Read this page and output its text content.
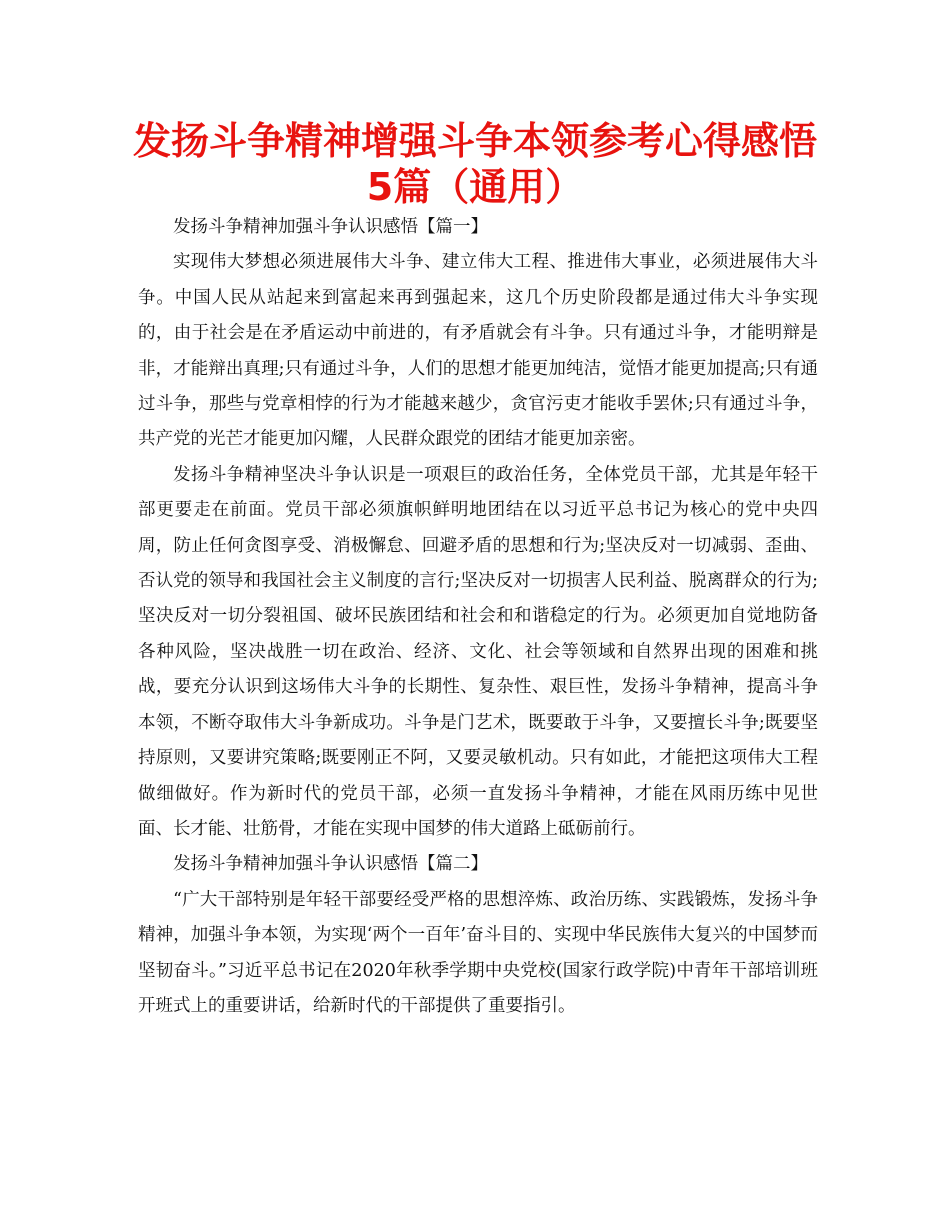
发扬斗争精神增强斗争本领参考心得感悟5篇（通用）

发扬斗争精神加强斗争认识感悟【篇一】

实现伟大梦想必须进展伟大斗争、建立伟大工程、推进伟大事业，必须进展伟大斗争。中国人民从站起来到富起来再到强起来，这几个历史阶段都是通过伟大斗争实现的，由于社会是在矛盾运动中前进的，有矛盾就会有斗争。只有通过斗争，才能明辩是非，才能辩出真理;只有通过斗争，人们的思想才能更加纯洁，觉悟才能更加提高;只有通过斗争，那些与党章相悖的行为才能越来越少，贪官污吏才能收手罢休;只有通过斗争，共产党的光芒才能更加闪耀，人民群众跟党的团结才能更加亲密。

发扬斗争精神坚决斗争认识是一项艰巨的政治任务，全体党员干部，尤其是年轻干部更要走在前面。党员干部必须旗帜鲜明地团结在以习近平总书记为核心的党中央四周，防止任何贪图享受、消极懈怠、回避矛盾的思想和行为;坚决反对一切减弱、歪曲、否认党的领导和我国社会主义制度的言行;坚决反对一切损害人民利益、脱离群众的行为;坚决反对一切分裂祖国、破坏民族团结和社会和和谐稳定的行为。必须更加自觉地防备各种风险，坚决战胜一切在政治、经济、文化、社会等领域和自然界出现的困难和挑战，要充分认识到这场伟大斗争的长期性、复杂性、艰巨性，发扬斗争精神，提高斗争本领，不断夺取伟大斗争新成功。斗争是门艺术，既要敢于斗争，又要擅长斗争;既要坚持原则，又要讲究策略;既要刚正不阿，又要灵敏机动。只有如此，才能把这项伟大工程做细做好。作为新时代的党员干部，必须一直发扬斗争精神，才能在风雨历练中见世面、长才能、壮筋骨，才能在实现中国梦的伟大道路上砥砺前行。

发扬斗争精神加强斗争认识感悟【篇二】

“广大干部特别是年轻干部要经受严格的思想淬炼、政治历练、实践锻炼，发扬斗争精神，加强斗争本领，为实现‘两个一百年’奋斗目的、实现中华民族伟大复兴的中国梦而坚韧奋斗。”习近平总书记在2020年秋季学期中央党校(国家行政学院)中青年干部培训班开班式上的重要讲话，给新时代的干部提供了重要指引。
